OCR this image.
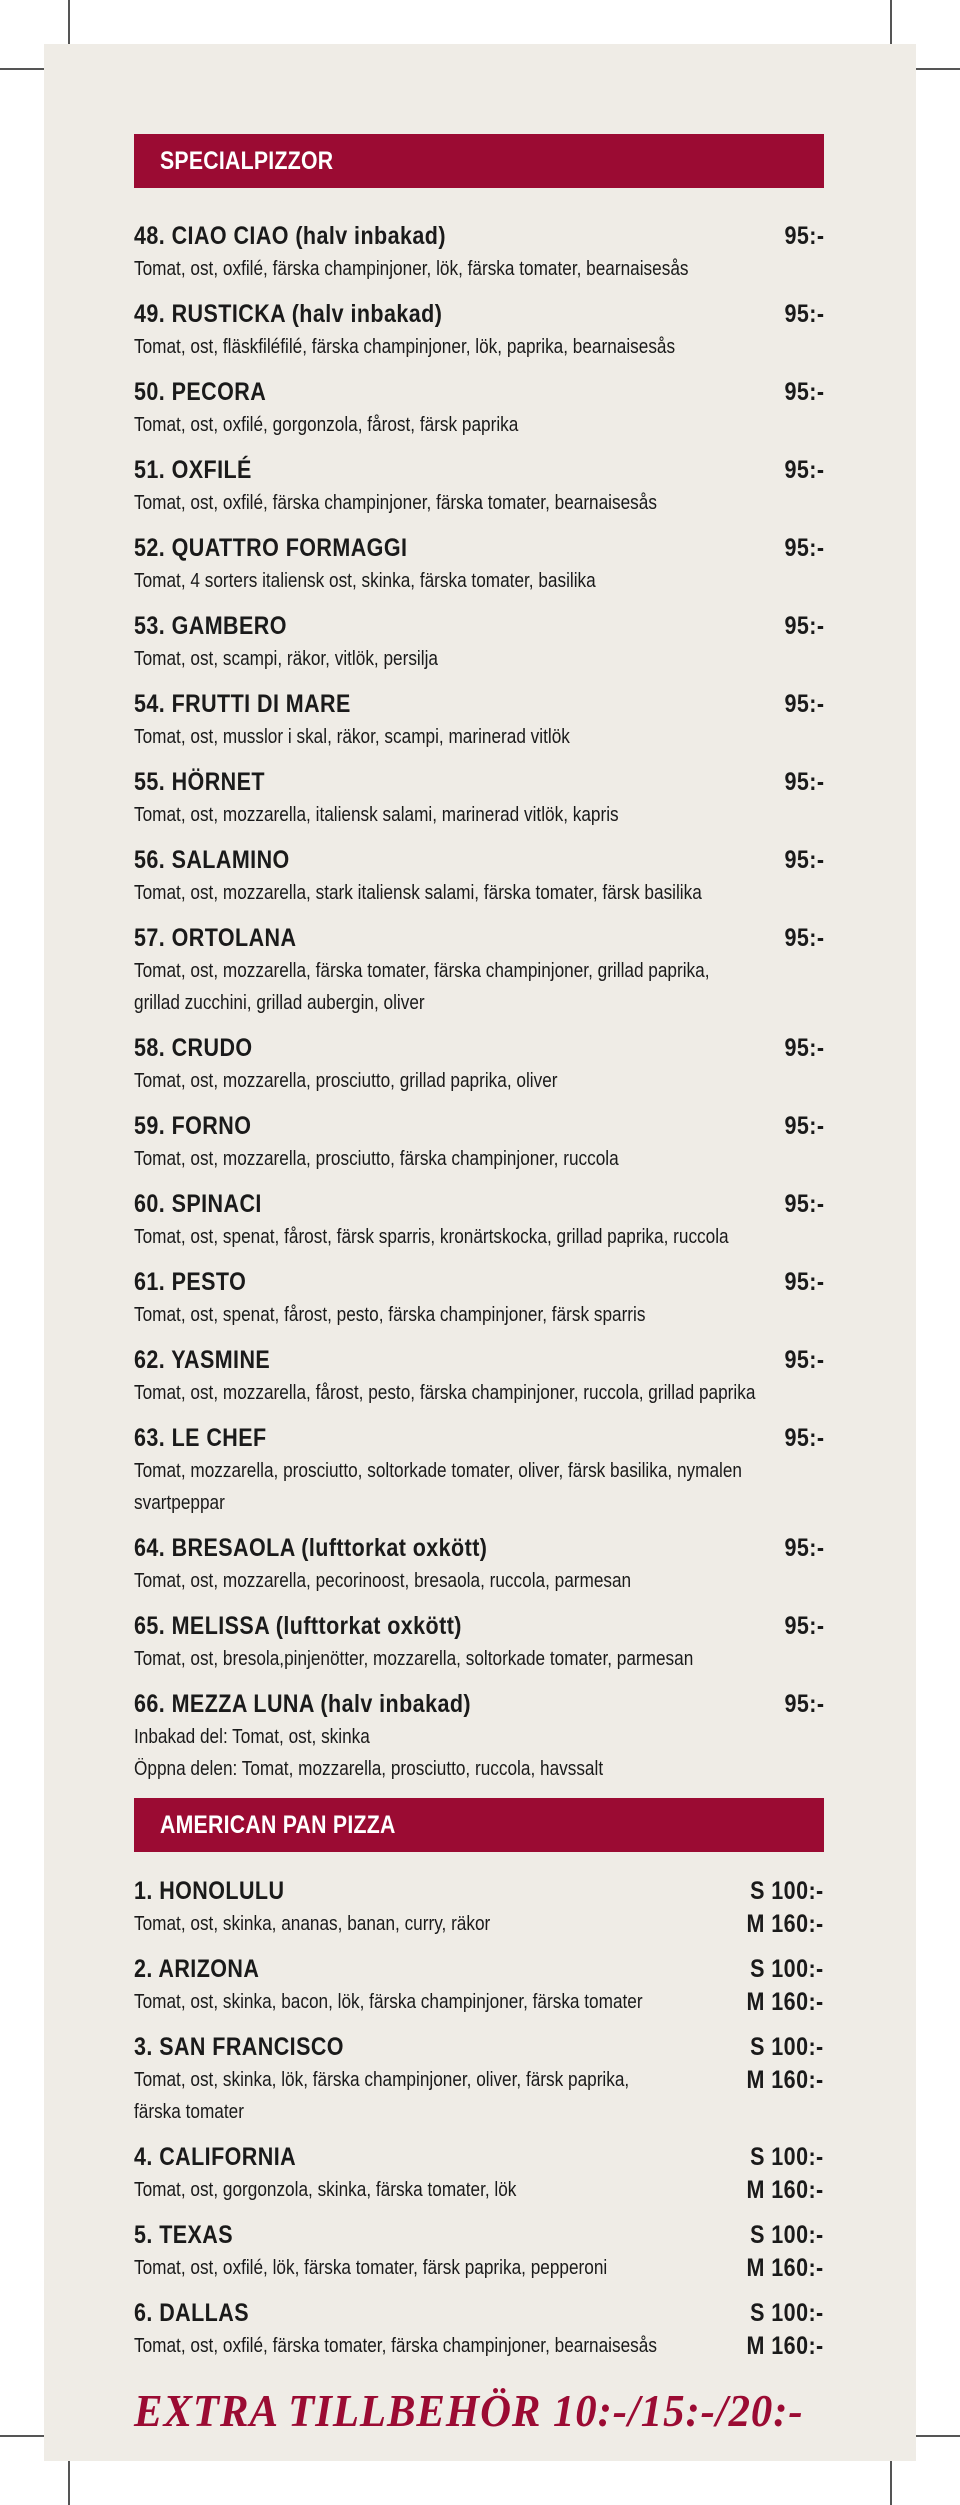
SPECIALPIZZOR
48. CIAO CIAO (halv inbakad)	95:-
Tomat, ost, oxfilé, färska champinjoner, lök, färska tomater, bearnaisesås
49. RUSTICKA (halv inbakad)	95:-
Tomat, ost, fläskfiléfilé, färska champinjoner, lök, paprika, bearnaisesås
50. PECORA	95:-
Tomat, ost, oxfilé, gorgonzola, fårost, färsk paprika
51. OXFILÉ	95:-
Tomat, ost, oxfilé, färska champinjoner, färska tomater, bearnaisesås
52. QUATTRO FORMAGGI	95:-
Tomat, 4 sorters italiensk ost, skinka, färska tomater, basilika
53. GAMBERO	95:-
Tomat, ost, scampi, räkor, vitlök, persilja
54. FRUTTI DI MARE	95:-
Tomat, ost, musslor i skal, räkor, scampi, marinerad vitlök
55. HÖRNET	95:-
Tomat, ost, mozzarella, italiensk salami, marinerad vitlök, kapris
56. SALAMINO	95:-
Tomat, ost, mozzarella, stark italiensk salami, färska tomater, färsk basilika
57. ORTOLANA	95:-
Tomat, ost, mozzarella, färska tomater, färska champinjoner, grillad paprika,
grillad zucchini, grillad aubergin, oliver
58. CRUDO	95:-
Tomat, ost, mozzarella, prosciutto, grillad paprika, oliver
59. FORNO	95:-
Tomat, ost, mozzarella, prosciutto, färska champinjoner, ruccola
60. SPINACI	95:-
Tomat, ost, spenat, fårost, färsk sparris, kronärtskocka, grillad paprika, ruccola
61. PESTO	95:-
Tomat, ost, spenat, fårost, pesto, färska champinjoner, färsk sparris
62. YASMINE	95:-
Tomat, ost, mozzarella, fårost, pesto, färska champinjoner, ruccola, grillad paprika
63. LE CHEF	95:-
Tomat, mozzarella, prosciutto, soltorkade tomater, oliver, färsk basilika, nymalen
svartpeppar
64. BRESAOLA (lufttorkat oxkött)	95:-
Tomat, ost, mozzarella, pecorinoost, bresaola, ruccola, parmesan
65. MELISSA (lufttorkat oxkött)	95:-
Tomat, ost, bresola,pinjenötter, mozzarella, soltorkade tomater, parmesan
66. MEZZA LUNA (halv inbakad)	95:-
Inbakad del: Tomat, ost, skinka
Öppna delen: Tomat, mozzarella, prosciutto, ruccola, havssalt
AMERICAN PAN PIZZA
1. HONOLULU
Tomat, ost, skinka, ananas, banan, curry, räkor
S 100:-
M 160:-
2. ARIZONA
Tomat, ost, skinka, bacon, lök, färska champinjoner, färska tomater
S 100:-
M 160:-
3. SAN FRANCISCO
Tomat, ost, skinka, lök, färska champinjoner, oliver, färsk paprika,
färska tomater
S 100:-
M 160:-
4. CALIFORNIA
Tomat, ost, gorgonzola, skinka, färska tomater, lök
S 100:-
M 160:-
5. TEXAS
Tomat, ost, oxfilé, lök, färska tomater, färsk paprika, pepperoni
S 100:-
M 160:-
6. DALLAS
Tomat, ost, oxfilé, färska tomater, färska champinjoner, bearnaisesås
S 100:-
M 160:-
EXTRA TILLBEHÖR 10:-/15:-/20:-
